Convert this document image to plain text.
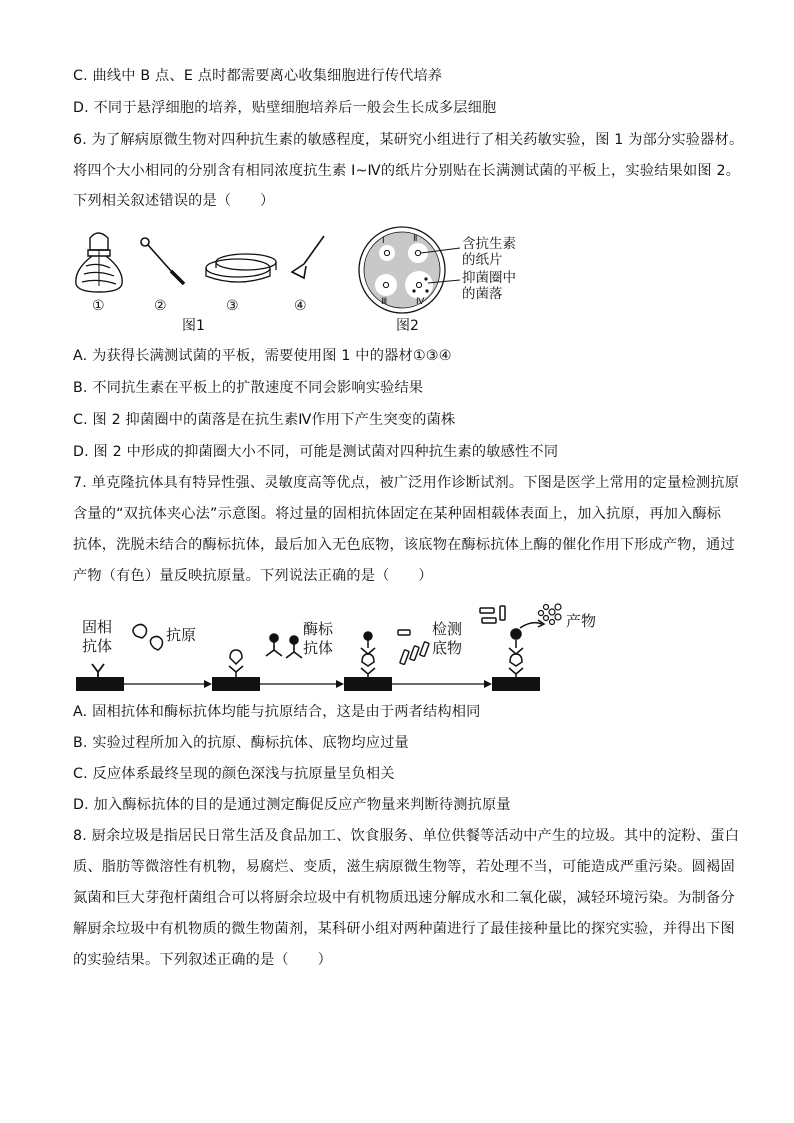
C. 曲线中 B 点、E 点时都需要离心收集细胞进行传代培养
D. 不同于悬浮细胞的培养，贴壁细胞培养后一般会生长成多层细胞
6. 为了解病原微生物对四种抗生素的敏感程度，某研究小组进行了相关药敏实验，图 1 为部分实验器材。
将四个大小相同的分别含有相同浓度抗生素 Ⅰ~Ⅳ的纸片分别贴在长满测试菌的平板上，实验结果如图 2。
下列相关叙述错误的是（　　）
①	②	③	④
图1
Ⅰ	Ⅱ
Ⅲ	Ⅳ
含抗生素
的纸片
抑菌圈中
的菌落
图2
A. 为获得长满测试菌的平板，需要使用图 1 中的器材①③④
B. 不同抗生素在平板上的扩散速度不同会影响实验结果
C. 图 2 抑菌圈中的菌落是在抗生素Ⅳ作用下产生突变的菌株
D. 图 2 中形成的抑菌圈大小不同，可能是测试菌对四种抗生素的敏感性不同
7. 单克隆抗体具有特异性强、灵敏度高等优点，被广泛用作诊断试剂。下图是医学上常用的定量检测抗原
含量的“双抗体夹心法”示意图。将过量的固相抗体固定在某种固相载体表面上，加入抗原，再加入酶标
抗体，洗脱未结合的酶标抗体，最后加入无色底物，该底物在酶标抗体上酶的催化作用下形成产物，通过
产物（有色）量反映抗原量。下列说法正确的是（　　）
固相
抗体
抗原	酶标
抗体
检测
底物
产物
A. 固相抗体和酶标抗体均能与抗原结合，这是由于两者结构相同
B. 实验过程所加入的抗原、酶标抗体、底物均应过量
C. 反应体系最终呈现的颜色深浅与抗原量呈负相关
D. 加入酶标抗体的目的是通过测定酶促反应产物量来判断待测抗原量
8. 厨余垃圾是指居民日常生活及食品加工、饮食服务、单位供餐等活动中产生的垃圾。其中的淀粉、蛋白
质、脂肪等微溶性有机物，易腐烂、变质，滋生病原微生物等，若处理不当，可能造成严重污染。圆褐固
氮菌和巨大芽孢杆菌组合可以将厨余垃圾中有机物质迅速分解成水和二氧化碳，减轻环境污染。为制备分
解厨余垃圾中有机物质的微生物菌剂，某科研小组对两种菌进行了最佳接种量比的探究实验，并得出下图
的实验结果。下列叙述正确的是（　　）
